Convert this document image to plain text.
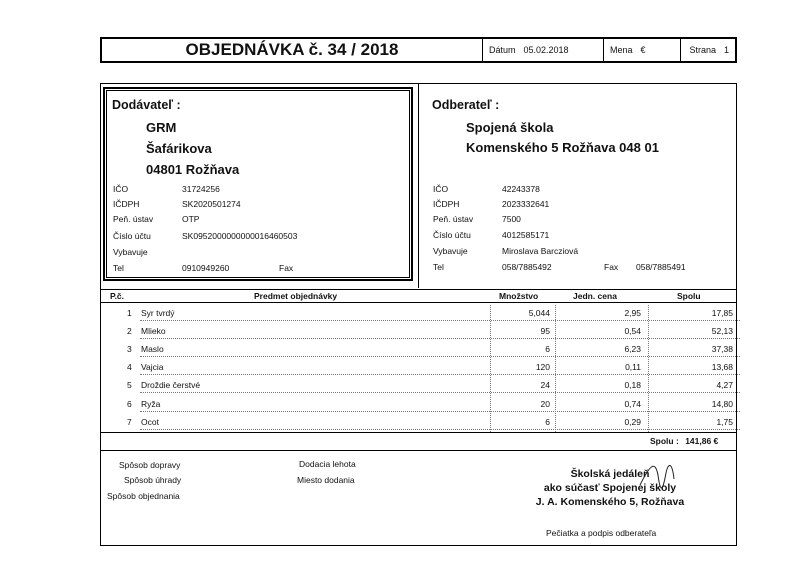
OBJEDNÁVKA č. 34 / 2018	Dátum 05.02.2018	Mena €	Strana 1
Dodávateľ :
GRM
Šafárikova
04801 Rožňava
IČO	31724256
IČDPH	SK2020501274
Peň. ústav	OTP
Číslo účtu	SK0952000000000016460503
Vybavuje
Tel	0910949260	Fax
Odberateľ :
Spojená škola
Komenského 5 Rožňava 048 01
IČO	42243378
IČDPH	2023332641
Peň. ústav	7500
Číslo účtu	4012585171
Vybavuje	Miroslava Barcziová
Tel	058/7885492	Fax 058/7885491
P.č.	Predmet objednávky	Množstvo	Jedn. cena	Spolu
1 Syr tvrdý	5,044	2,95	17,85
2 Mlieko	95	0,54	52,13
3 Maslo	6	6,23	37,38
4 Vajcia	120	0,11	13,68
5 Droždie čerstvé	24	0,18	4,27
6 Ryža	20	0,74	14,80
7 Ocot	6	0,29	1,75
Spolu : 141,86 €
Spôsob dopravy
Spôsob úhrady
Spôsob objednania
Dodacia lehota
Miesto dodania	Školská jedáleň
ako súčasť Spojenej školy
J. A. Komenského 5, Rožňava
Pečiatka a podpis odberateľa
